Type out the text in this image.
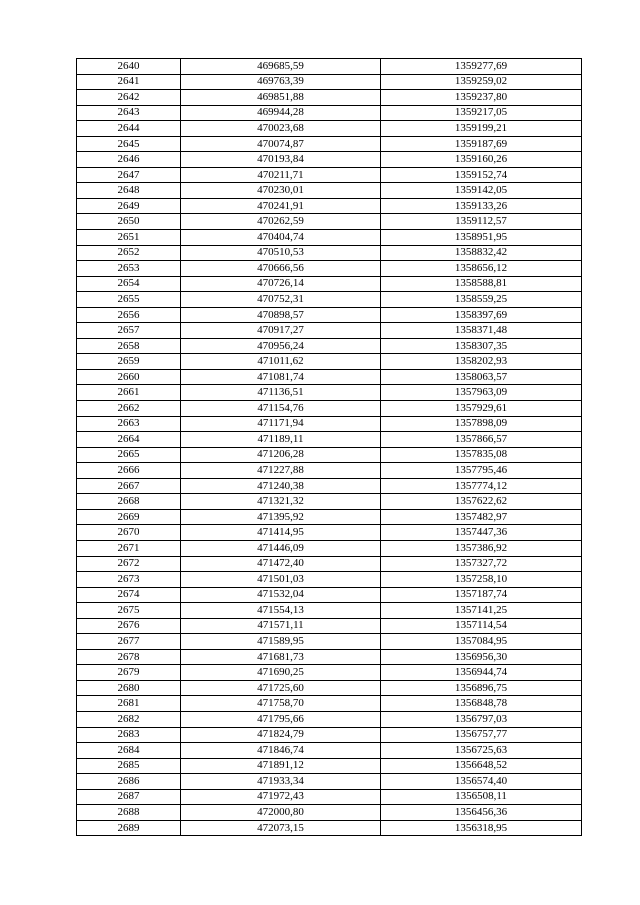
2640	469685,59	1359277,69
2641	469763,39	1359259,02
2642	469851,88	1359237,80
2643	469944,28	1359217,05
2644	470023,68	1359199,21
2645	470074,87	1359187,69
2646	470193,84	1359160,26
2647	470211,71	1359152,74
2648	470230,01	1359142,05
2649	470241,91	1359133,26
2650	470262,59	1359112,57
2651	470404,74	1358951,95
2652	470510,53	1358832,42
2653	470666,56	1358656,12
2654	470726,14	1358588,81
2655	470752,31	1358559,25
2656	470898,57	1358397,69
2657	470917,27	1358371,48
2658	470956,24	1358307,35
2659	471011,62	1358202,93
2660	471081,74	1358063,57
2661	471136,51	1357963,09
2662	471154,76	1357929,61
2663	471171,94	1357898,09
2664	471189,11	1357866,57
2665	471206,28	1357835,08
2666	471227,88	1357795,46
2667	471240,38	1357774,12
2668	471321,32	1357622,62
2669	471395,92	1357482,97
2670	471414,95	1357447,36
2671	471446,09	1357386,92
2672	471472,40	1357327,72
2673	471501,03	1357258,10
2674	471532,04	1357187,74
2675	471554,13	1357141,25
2676	471571,11	1357114,54
2677	471589,95	1357084,95
2678	471681,73	1356956,30
2679	471690,25	1356944,74
2680	471725,60	1356896,75
2681	471758,70	1356848,78
2682	471795,66	1356797,03
2683	471824,79	1356757,77
2684	471846,74	1356725,63
2685	471891,12	1356648,52
2686	471933,34	1356574,40
2687	471972,43	1356508,11
2688	472000,80	1356456,36
2689	472073,15	1356318,95
